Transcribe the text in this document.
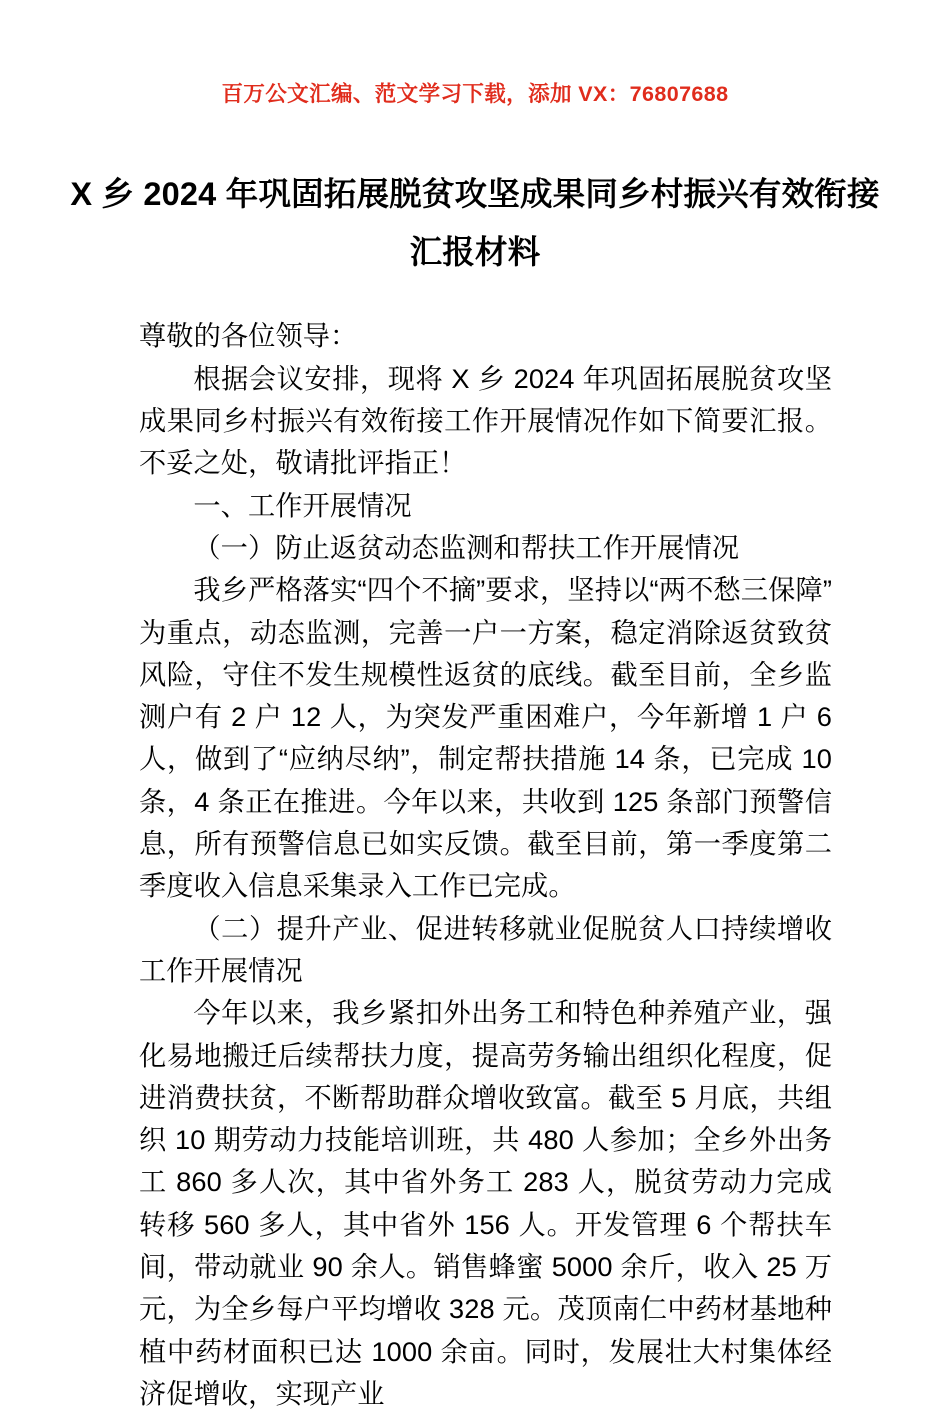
百万公文汇编、范文学习下载，添加 VX：76807688
X 乡 2024 年巩固拓展脱贫攻坚成果同乡村振兴有效衔接汇报材料

尊敬的各位领导：

根据会议安排，现将 X 乡 2024 年巩固拓展脱贫攻坚成果同乡村振兴有效衔接工作开展情况作如下简要汇报。不妥之处，敬请批评指正！

一、工作开展情况

（一）防止返贫动态监测和帮扶工作开展情况

我乡严格落实“四个不摘”要求，坚持以“两不愁三保障”为重点，动态监测，完善一户一方案，稳定消除返贫致贫风险，守住不发生规模性返贫的底线。截至目前，全乡监测户有 2 户 12 人，为突发严重困难户，今年新增 1 户 6 人，做到了“应纳尽纳”，制定帮扶措施 14 条，已完成 10 条，4 条正在推进。今年以来，共收到 125 条部门预警信息，所有预警信息已如实反馈。截至目前，第一季度第二季度收入信息采集录入工作已完成。

（二）提升产业、促进转移就业促脱贫人口持续增收工作开展情况

今年以来，我乡紧扣外出务工和特色种养殖产业，强化易地搬迁后续帮扶力度，提高劳务输出组织化程度，促进消费扶贫，不断帮助群众增收致富。截至 5 月底，共组织 10 期劳动力技能培训班，共 480 人参加；全乡外出务工 860 多人次，其中省外务工 283 人，脱贫劳动力完成转移 560 多人，其中省外 156 人。开发管理 6 个帮扶车间，带动就业 90 余人。销售蜂蜜 5000 余斤，收入 25 万元，为全乡每户平均增收 328 元。茂顶南仁中药材基地种植中药材面积已达 1000 余亩。同时，发展壮大村集体经济促增收，实现产业
